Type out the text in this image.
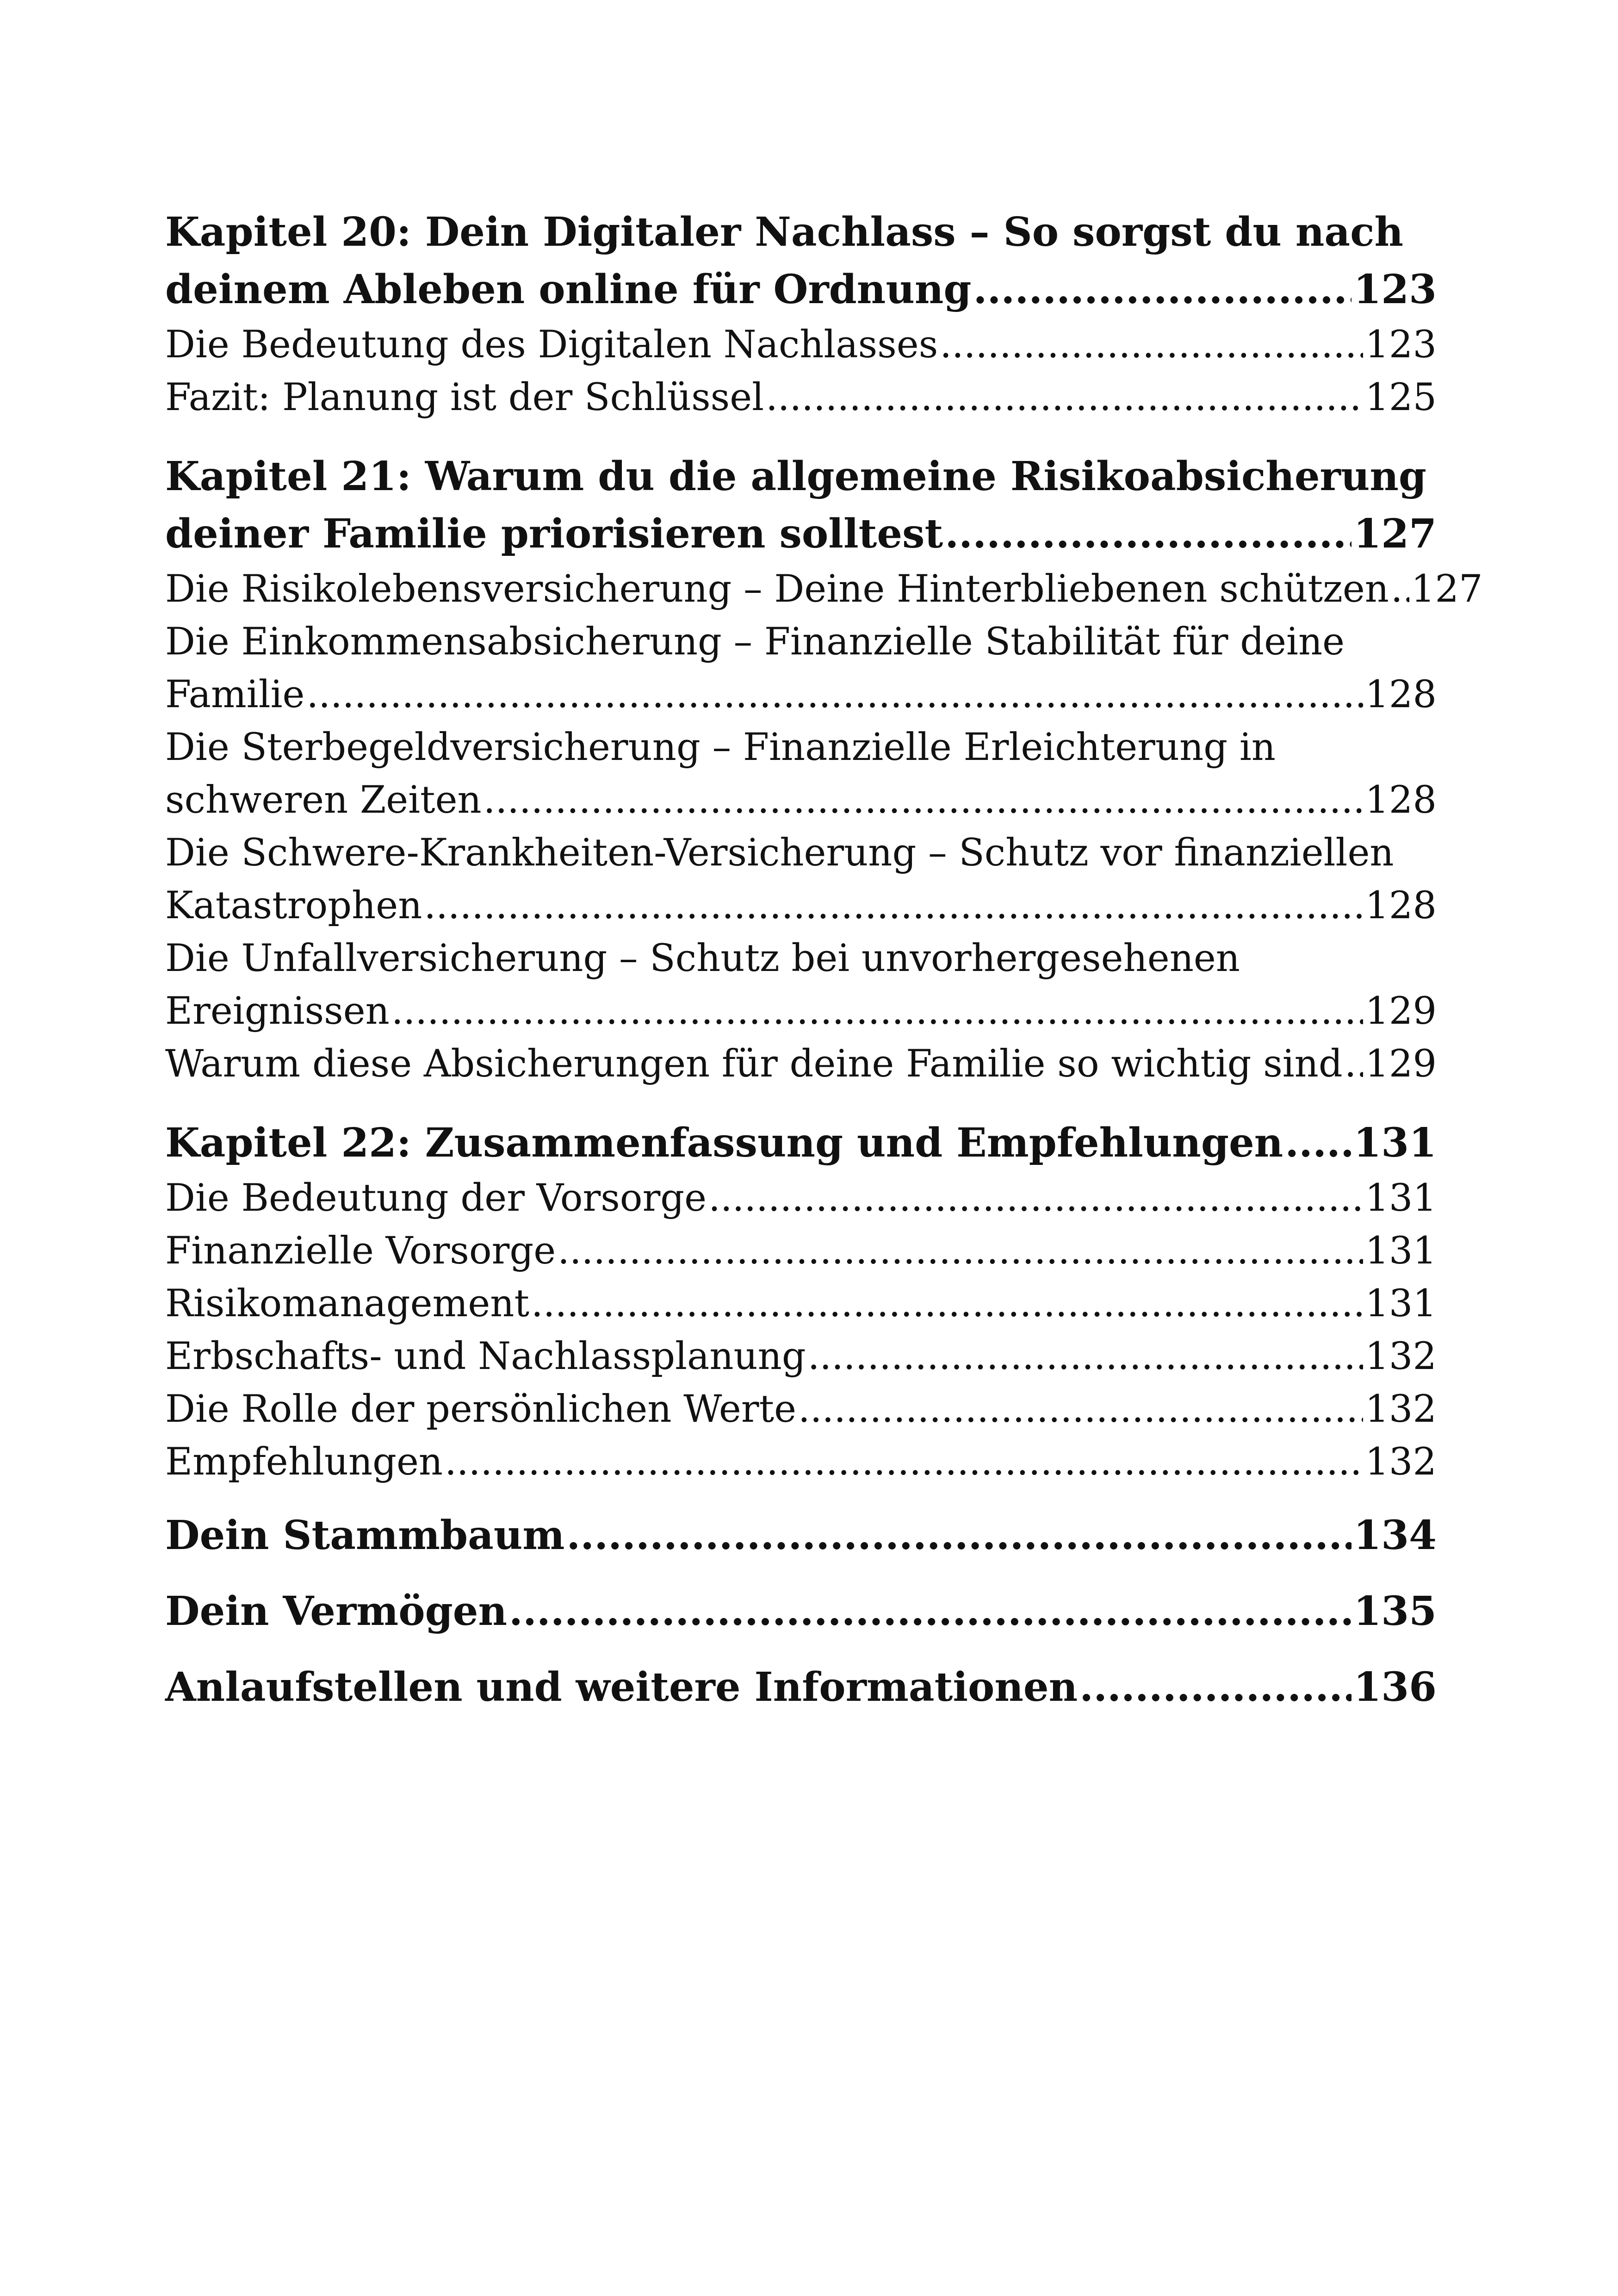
Kapitel 20: Dein Digitaler Nachlass – So sorgst du nach
deinem Ableben online für Ordnung .....	123
Die Bedeutung des Digitalen Nachlasses .....	123
Fazit: Planung ist der Schlüssel .....	125
Kapitel 21: Warum du die allgemeine Risikoabsicherung
deiner Familie priorisieren solltest .....	127
Die Risikolebensversicherung – Deine Hinterbliebenen schützen ..... 127
Die Einkommensabsicherung – Finanzielle Stabilität für deine
Familie .....	128
Die Sterbegeldversicherung – Finanzielle Erleichterung in
schweren Zeiten .....	128
Die Schwere-Krankheiten-Versicherung – Schutz vor finanziellen
Katastrophen .....	128
Die Unfallversicherung – Schutz bei unvorhergesehenen
Ereignissen .....	129
Warum diese Absicherungen für deine Familie so wichtig sind ..... 129
Kapitel 22: Zusammenfassung und Empfehlungen ..... 131
Die Bedeutung der Vorsorge .....	131
Finanzielle Vorsorge .....	131
Risikomanagement .....	131
Erbschafts- und Nachlassplanung .....	132
Die Rolle der persönlichen Werte .....	132
Empfehlungen .....	132
Dein Stammbaum .....	134
Dein Vermögen .....	135
Anlaufstellen und weitere Informationen .....	136
